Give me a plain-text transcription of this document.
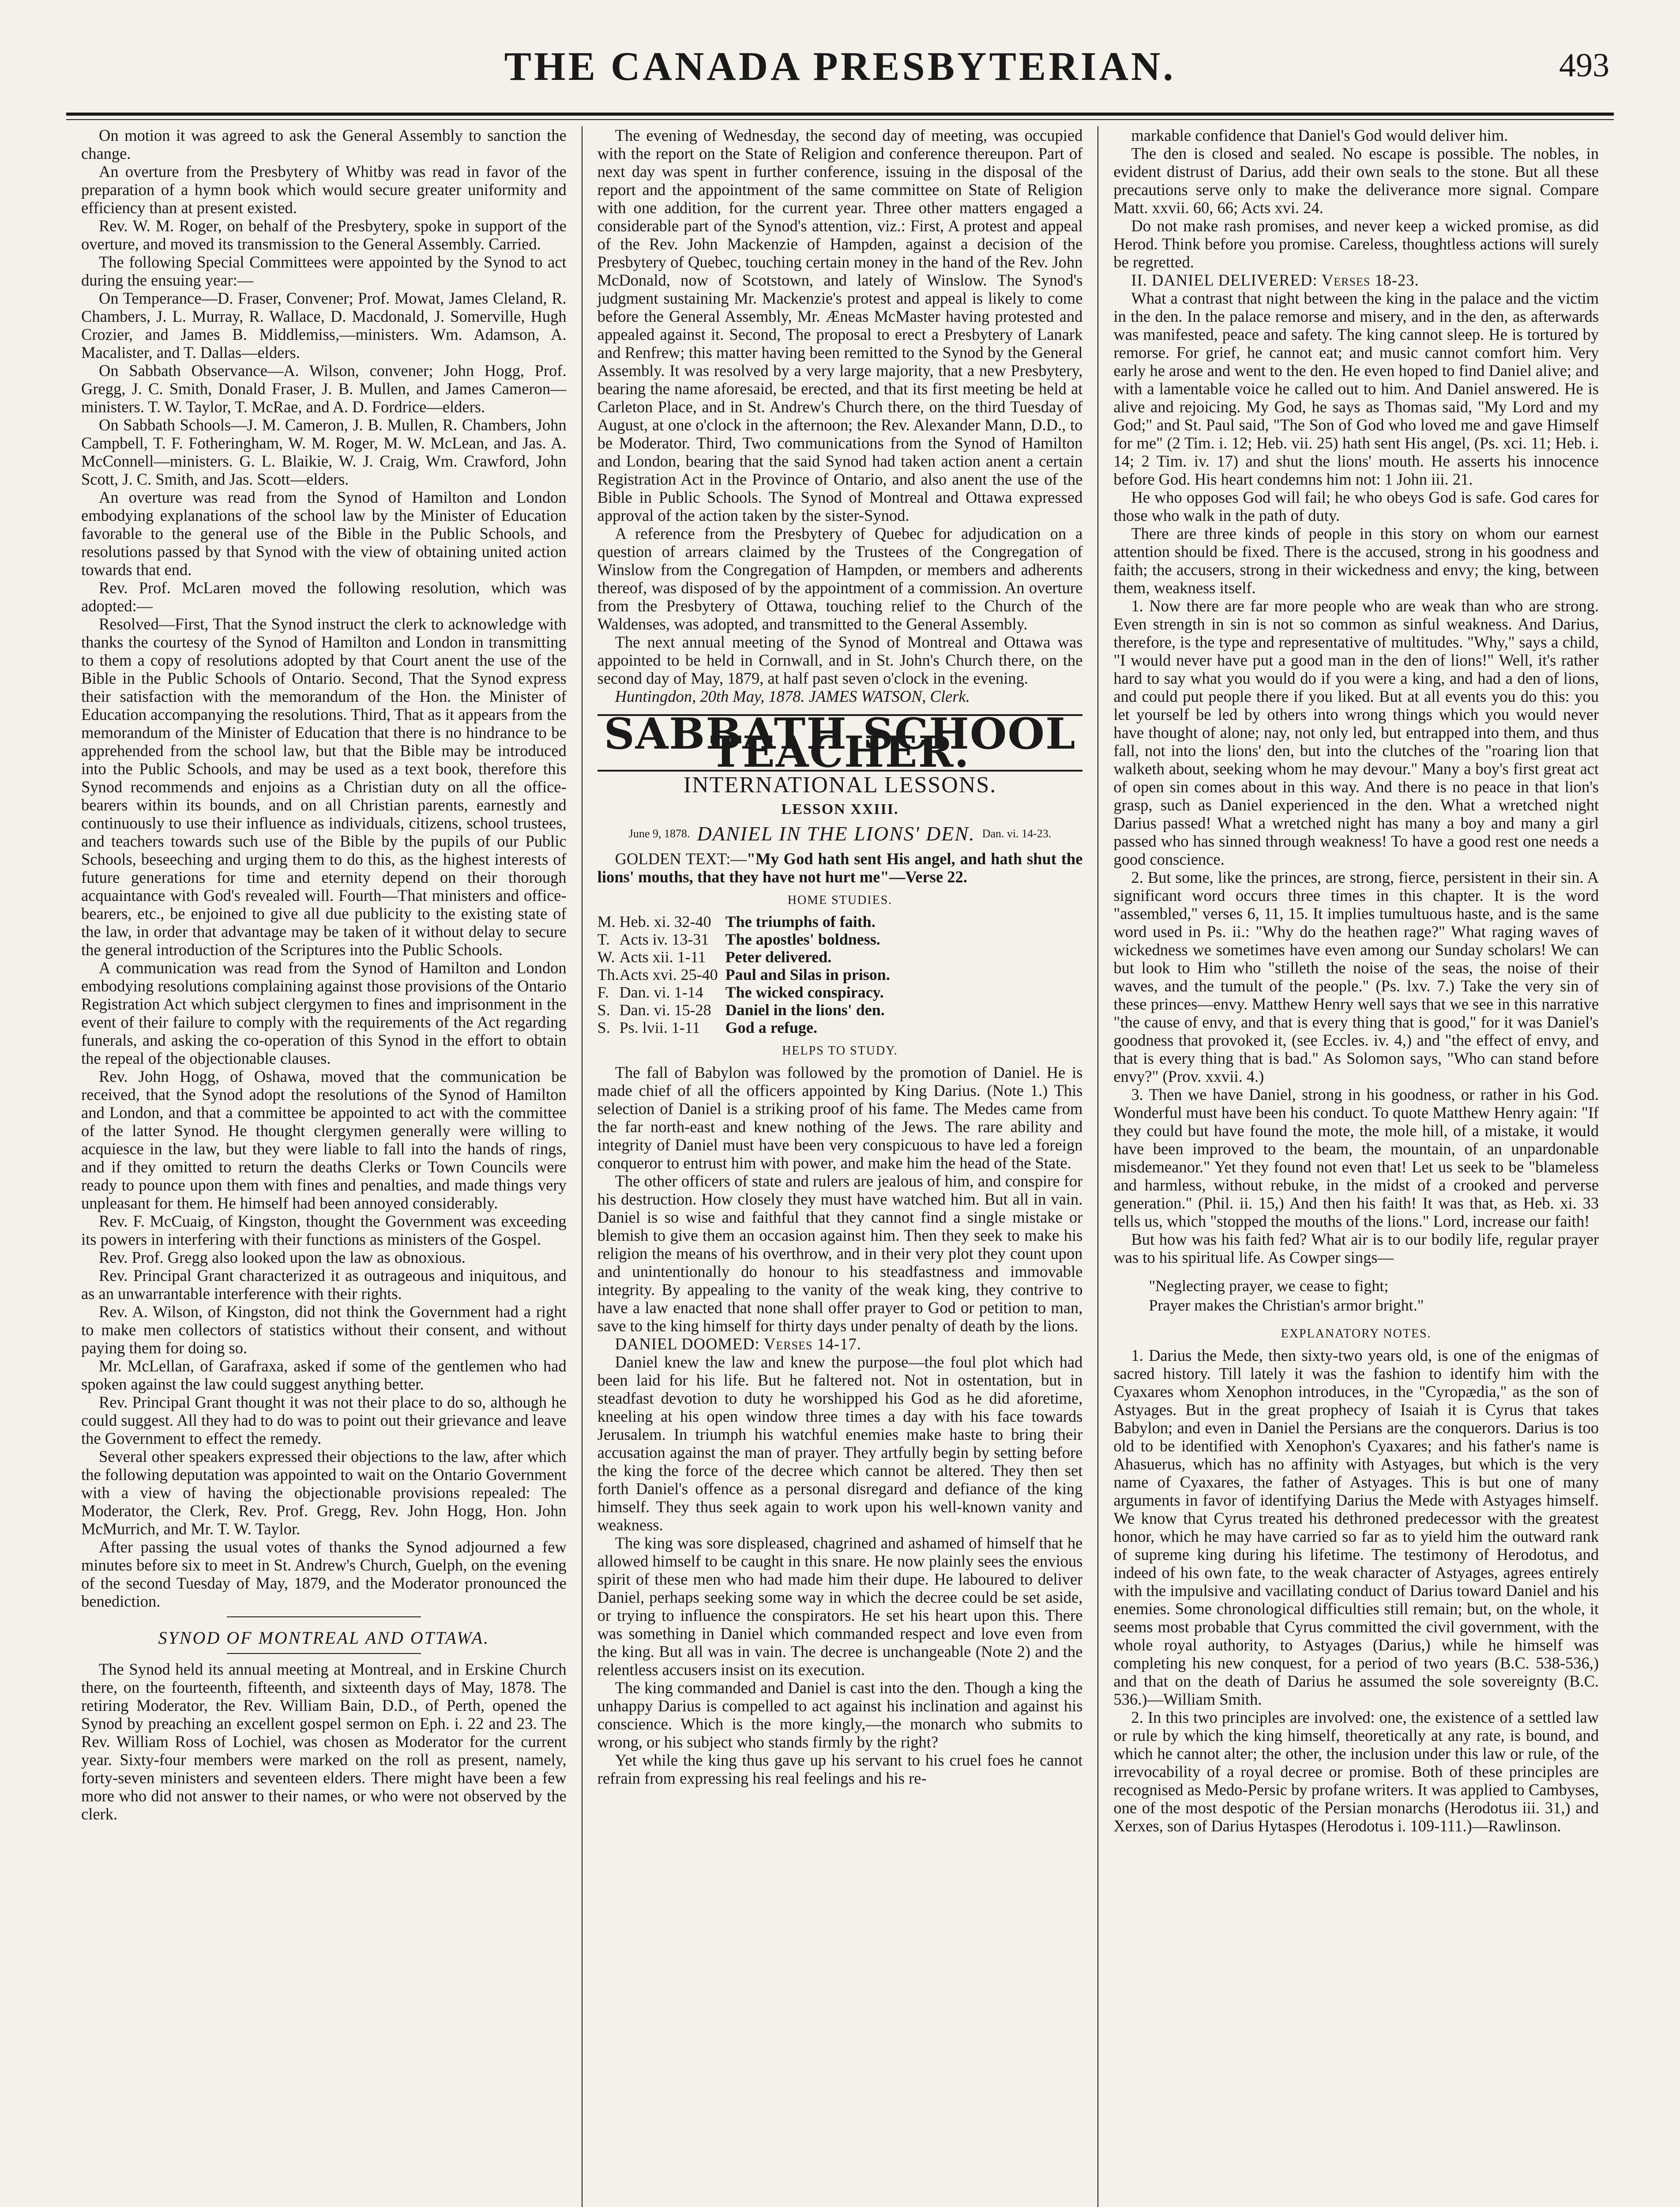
THE CANADA PRESBYTERIAN.	493

On motion it was agreed to ask the General Assembly to sanction the change.

An overture from the Presbytery of Whitby was read in favor of the preparation of a hymn book which would secure greater uniformity and efficiency than at present existed.

Rev. W. M. Roger, on behalf of the Presbytery, spoke in support of the overture, and moved its transmission to the General Assembly. Carried.

The following Special Committees were appointed by the Synod to act during the ensuing year:—

On Temperance—D. Fraser, Convener; Prof. Mowat, James Cleland, R. Chambers, J. L. Murray, R. Wallace, D. Macdonald, J. Somerville, Hugh Crozier, and James B. Middlemiss,—ministers. Wm. Adamson, A. Macalister, and T. Dallas—elders.

On Sabbath Observance—A. Wilson, convener; John Hogg, Prof. Gregg, J. C. Smith, Donald Fraser, J. B. Mullen, and James Cameron—ministers. T. W. Taylor, T. McRae, and A. D. Fordrice—elders.

On Sabbath Schools—J. M. Cameron, J. B. Mullen, R. Chambers, John Campbell, T. F. Fotheringham, W. M. Roger, M. W. McLean, and Jas. A. McConnell—ministers. G. L. Blaikie, W. J. Craig, Wm. Crawford, John Scott, J. C. Smith, and Jas. Scott—elders.

An overture was read from the Synod of Hamilton and London embodying explanations of the school law by the Minister of Education favorable to the general use of the Bible in the Public Schools, and resolutions passed by that Synod with the view of obtaining united action towards that end.

Rev. Prof. McLaren moved the following resolution, which was adopted:—

Resolved—First, That the Synod instruct the clerk to acknowledge with thanks the courtesy of the Synod of Hamilton and London in transmitting to them a copy of resolutions adopted by that Court anent the use of the Bible in the Public Schools of Ontario. Second, That the Synod express their satisfaction with the memorandum of the Hon. the Minister of Education accompanying the resolutions. Third, That as it appears from the memorandum of the Minister of Education that there is no hindrance to be apprehended from the school law, but that the Bible may be introduced into the Public Schools, and may be used as a text book, therefore this Synod recommends and enjoins as a Christian duty on all the office-bearers within its bounds, and on all Christian parents, earnestly and continuously to use their influence as individuals, citizens, school trustees, and teachers towards such use of the Bible by the pupils of our Public Schools, beseeching and urging them to do this, as the highest interests of future generations for time and eternity depend on their thorough acquaintance with God's revealed will. Fourth—That ministers and office-bearers, etc., be enjoined to give all due publicity to the existing state of the law, in order that advantage may be taken of it without delay to secure the general introduction of the Scriptures into the Public Schools.

A communication was read from the Synod of Hamilton and London embodying resolutions complaining against those provisions of the Ontario Registration Act which subject clergymen to fines and imprisonment in the event of their failure to comply with the requirements of the Act regarding funerals, and asking the co-operation of this Synod in the effort to obtain the repeal of the objectionable clauses.

Rev. John Hogg, of Oshawa, moved that the communication be received, that the Synod adopt the resolutions of the Synod of Hamilton and London, and that a committee be appointed to act with the committee of the latter Synod. He thought clergymen generally were willing to acquiesce in the law, but they were liable to fall into the hands of rings, and if they omitted to return the deaths Clerks or Town Councils were ready to pounce upon them with fines and penalties, and made things very unpleasant for them. He himself had been annoyed considerably.

Rev. F. McCuaig, of Kingston, thought the Government was exceeding its powers in interfering with their functions as ministers of the Gospel.

Rev. Prof. Gregg also looked upon the law as obnoxious.

Rev. Principal Grant characterized it as outrageous and iniquitous, and as an unwarrantable interference with their rights.

Rev. A. Wilson, of Kingston, did not think the Government had a right to make men collectors of statistics without their consent, and without paying them for doing so.

Mr. McLellan, of Garafraxa, asked if some of the gentlemen who had spoken against the law could suggest anything better.

Rev. Principal Grant thought it was not their place to do so, although he could suggest. All they had to do was to point out their grievance and leave the Government to effect the remedy.

Several other speakers expressed their objections to the law, after which the following deputation was appointed to wait on the Ontario Government with a view of having the objectionable provisions repealed: The Moderator, the Clerk, Rev. Prof. Gregg, Rev. John Hogg, Hon. John McMurrich, and Mr. T. W. Taylor.

After passing the usual votes of thanks the Synod adjourned a few minutes before six to meet in St. Andrew's Church, Guelph, on the evening of the second Tuesday of May, 1879, and the Moderator pronounced the benediction.

SYNOD OF MONTREAL AND OTTAWA.

The Synod held its annual meeting at Montreal, and in Erskine Church there, on the fourteenth, fifteenth, and sixteenth days of May, 1878. The retiring Moderator, the Rev. William Bain, D.D., of Perth, opened the Synod by preaching an excellent gospel sermon on Eph. i. 22 and 23. The Rev. William Ross of Lochiel, was chosen as Moderator for the current year. Sixty-four members were marked on the roll as present, namely, forty-seven ministers and seventeen elders. There might have been a few more who did not answer to their names, or who were not observed by the clerk.

The evening of Wednesday, the second day of meeting, was occupied with the report on the State of Religion and conference thereupon. Part of next day was spent in further conference, issuing in the disposal of the report and the appointment of the same committee on State of Religion with one addition, for the current year. Three other matters engaged a considerable part of the Synod's attention, viz.: First, A protest and appeal of the Rev. John Mackenzie of Hampden, against a decision of the Presbytery of Quebec, touching certain money in the hand of the Rev. John McDonald, now of Scotstown, and lately of Winslow. The Synod's judgment sustaining Mr. Mackenzie's protest and appeal is likely to come before the General Assembly, Mr. Æneas McMaster having protested and appealed against it. Second, The proposal to erect a Presbytery of Lanark and Renfrew; this matter having been remitted to the Synod by the General Assembly. It was resolved by a very large majority, that a new Presbytery, bearing the name aforesaid, be erected, and that its first meeting be held at Carleton Place, and in St. Andrew's Church there, on the third Tuesday of August, at one o'clock in the afternoon; the Rev. Alexander Mann, D.D., to be Moderator. Third, Two communications from the Synod of Hamilton and London, bearing that the said Synod had taken action anent a certain Registration Act in the Province of Ontario, and also anent the use of the Bible in Public Schools. The Synod of Montreal and Ottawa expressed approval of the action taken by the sister-Synod.

A reference from the Presbytery of Quebec for adjudication on a question of arrears claimed by the Trustees of the Congregation of Winslow from the Congregation of Hampden, or members and adherents thereof, was disposed of by the appointment of a commission. An overture from the Presbytery of Ottawa, touching relief to the Church of the Waldenses, was adopted, and transmitted to the General Assembly.

The next annual meeting of the Synod of Montreal and Ottawa was appointed to be held in Cornwall, and in St. John's Church there, on the second day of May, 1879, at half past seven o'clock in the evening.

Huntingdon, 20th May, 1878. JAMES WATSON, Clerk.

SABBATH SCHOOL TEACHER.
INTERNATIONAL LESSONS.
LESSON XXIII.
June 9, 1878. DANIEL IN THE LIONS' DEN. Dan. vi. 14-23.

GOLDEN TEXT:—"My God hath sent His angel, and hath shut the lions' mouths, that they have not hurt me"—Verse 22.

HOME STUDIES.
M. Heb. xi. 32-40 The triumphs of faith.
T. Acts iv. 13-31	The apostles' boldness.
W. Acts xii. 1-11	Peter delivered.
Th. Acts xvi. 25-40 Paul and Silas in prison.
F. Dan. vi. 1-14	The wicked conspiracy.
S. Dan. vi. 15-28 Daniel in the lions' den.
S. Ps. lvii. 1-11	God a refuge.
HELPS TO STUDY.

The fall of Babylon was followed by the promotion of Daniel. He is made chief of all the officers appointed by King Darius. (Note 1.) This selection of Daniel is a striking proof of his fame. The Medes came from the far north-east and knew nothing of the Jews. The rare ability and integrity of Daniel must have been very conspicuous to have led a foreign conqueror to entrust him with power, and make him the head of the State.

The other officers of state and rulers are jealous of him, and conspire for his destruction. How closely they must have watched him. But all in vain. Daniel is so wise and faithful that they cannot find a single mistake or blemish to give them an occasion against him. Then they seek to make his religion the means of his overthrow, and in their very plot they count upon and unintentionally do honour to his steadfastness and immovable integrity. By appealing to the vanity of the weak king, they contrive to have a law enacted that none shall offer prayer to God or petition to man, save to the king himself for thirty days under penalty of death by the lions.

DANIEL DOOMED: Verses 14-17.

Daniel knew the law and knew the purpose—the foul plot which had been laid for his life. But he faltered not. Not in ostentation, but in steadfast devotion to duty he worshipped his God as he did aforetime, kneeling at his open window three times a day with his face towards Jerusalem. In triumph his watchful enemies make haste to bring their accusation against the man of prayer. They artfully begin by setting before the king the force of the decree which cannot be altered. They then set forth Daniel's offence as a personal disregard and defiance of the king himself. They thus seek again to work upon his well-known vanity and weakness.

The king was sore displeased, chagrined and ashamed of himself that he allowed himself to be caught in this snare. He now plainly sees the envious spirit of these men who had made him their dupe. He laboured to deliver Daniel, perhaps seeking some way in which the decree could be set aside, or trying to influence the conspirators. He set his heart upon this. There was something in Daniel which commanded respect and love even from the king. But all was in vain. The decree is unchangeable (Note 2) and the relentless accusers insist on its execution.

The king commanded and Daniel is cast into the den. Though a king the unhappy Darius is compelled to act against his inclination and against his conscience. Which is the more kingly,—the monarch who submits to wrong, or his subject who stands firmly by the right?

Yet while the king thus gave up his servant to his cruel foes he cannot refrain from expressing his real feelings and his re-

markable confidence that Daniel's God would deliver him.

The den is closed and sealed. No escape is possible. The nobles, in evident distrust of Darius, add their own seals to the stone. But all these precautions serve only to make the deliverance more signal. Compare Matt. xxvii. 60, 66; Acts xvi. 24.

Do not make rash promises, and never keep a wicked promise, as did Herod. Think before you promise. Careless, thoughtless actions will surely be regretted.

II. DANIEL DELIVERED: Verses 18-23.

What a contrast that night between the king in the palace and the victim in the den. In the palace remorse and misery, and in the den, as afterwards was manifested, peace and safety. The king cannot sleep. He is tortured by remorse. For grief, he cannot eat; and music cannot comfort him. Very early he arose and went to the den. He even hoped to find Daniel alive; and with a lamentable voice he called out to him. And Daniel answered. He is alive and rejoicing. My God, he says as Thomas said, "My Lord and my God;" and St. Paul said, "The Son of God who loved me and gave Himself for me" (2 Tim. i. 12; Heb. vii. 25) hath sent His angel, (Ps. xci. 11; Heb. i. 14; 2 Tim. iv. 17) and shut the lions' mouth. He asserts his innocence before God. His heart condemns him not: 1 John iii. 21.

He who opposes God will fail; he who obeys God is safe. God cares for those who walk in the path of duty.

There are three kinds of people in this story on whom our earnest attention should be fixed. There is the accused, strong in his goodness and faith; the accusers, strong in their wickedness and envy; the king, between them, weakness itself.

1. Now there are far more people who are weak than who are strong. Even strength in sin is not so common as sinful weakness. And Darius, therefore, is the type and representative of multitudes. "Why," says a child, "I would never have put a good man in the den of lions!" Well, it's rather hard to say what you would do if you were a king, and had a den of lions, and could put people there if you liked. But at all events you do this: you let yourself be led by others into wrong things which you would never have thought of alone; nay, not only led, but entrapped into them, and thus fall, not into the lions' den, but into the clutches of the "roaring lion that walketh about, seeking whom he may devour." Many a boy's first great act of open sin comes about in this way. And there is no peace in that lion's grasp, such as Daniel experienced in the den. What a wretched night Darius passed! What a wretched night has many a boy and many a girl passed who has sinned through weakness! To have a good rest one needs a good conscience.

2. But some, like the princes, are strong, fierce, persistent in their sin. A significant word occurs three times in this chapter. It is the word "assembled," verses 6, 11, 15. It implies tumultuous haste, and is the same word used in Ps. ii.: "Why do the heathen rage?" What raging waves of wickedness we sometimes have even among our Sunday scholars! We can but look to Him who "stilleth the noise of the seas, the noise of their waves, and the tumult of the people." (Ps. lxv. 7.) Take the very sin of these princes—envy. Matthew Henry well says that we see in this narrative "the cause of envy, and that is every thing that is good," for it was Daniel's goodness that provoked it, (see Eccles. iv. 4,) and "the effect of envy, and that is every thing that is bad." As Solomon says, "Who can stand before envy?" (Prov. xxvii. 4.)

3. Then we have Daniel, strong in his goodness, or rather in his God. Wonderful must have been his conduct. To quote Matthew Henry again: "If they could but have found the mote, the mole hill, of a mistake, it would have been improved to the beam, the mountain, of an unpardonable misdemeanor." Yet they found not even that! Let us seek to be "blameless and harmless, without rebuke, in the midst of a crooked and perverse generation." (Phil. ii. 15,) And then his faith! It was that, as Heb. xi. 33 tells us, which "stopped the mouths of the lions." Lord, increase our faith!

But how was his faith fed? What air is to our bodily life, regular prayer was to his spiritual life. As Cowper sings—

"Neglecting prayer, we cease to fight;
Prayer makes the Christian's armor bright."
EXPLANATORY NOTES.

1. Darius the Mede, then sixty-two years old, is one of the enigmas of sacred history. Till lately it was the fashion to identify him with the Cyaxares whom Xenophon introduces, in the "Cyropædia," as the son of Astyages. But in the great prophecy of Isaiah it is Cyrus that takes Babylon; and even in Daniel the Persians are the conquerors. Darius is too old to be identified with Xenophon's Cyaxares; and his father's name is Ahasuerus, which has no affinity with Astyages, but which is the very name of Cyaxares, the father of Astyages. This is but one of many arguments in favor of identifying Darius the Mede with Astyages himself. We know that Cyrus treated his dethroned predecessor with the greatest honor, which he may have carried so far as to yield him the outward rank of supreme king during his lifetime. The testimony of Herodotus, and indeed of his own fate, to the weak character of Astyages, agrees entirely with the impulsive and vacillating conduct of Darius toward Daniel and his enemies. Some chronological difficulties still remain; but, on the whole, it seems most probable that Cyrus committed the civil government, with the whole royal authority, to Astyages (Darius,) while he himself was completing his new conquest, for a period of two years (B.C. 538-536,) and that on the death of Darius he assumed the sole sovereignty (B.C. 536.)—William Smith.

2. In this two principles are involved: one, the existence of a settled law or rule by which the king himself, theoretically at any rate, is bound, and which he cannot alter; the other, the inclusion under this law or rule, of the irrevocability of a royal decree or promise. Both of these principles are recognised as Medo-Persic by profane writers. It was applied to Cambyses, one of the most despotic of the Persian monarchs (Herodotus iii. 31,) and Xerxes, son of Darius Hytaspes (Herodotus i. 109-111.)—Rawlinson.
